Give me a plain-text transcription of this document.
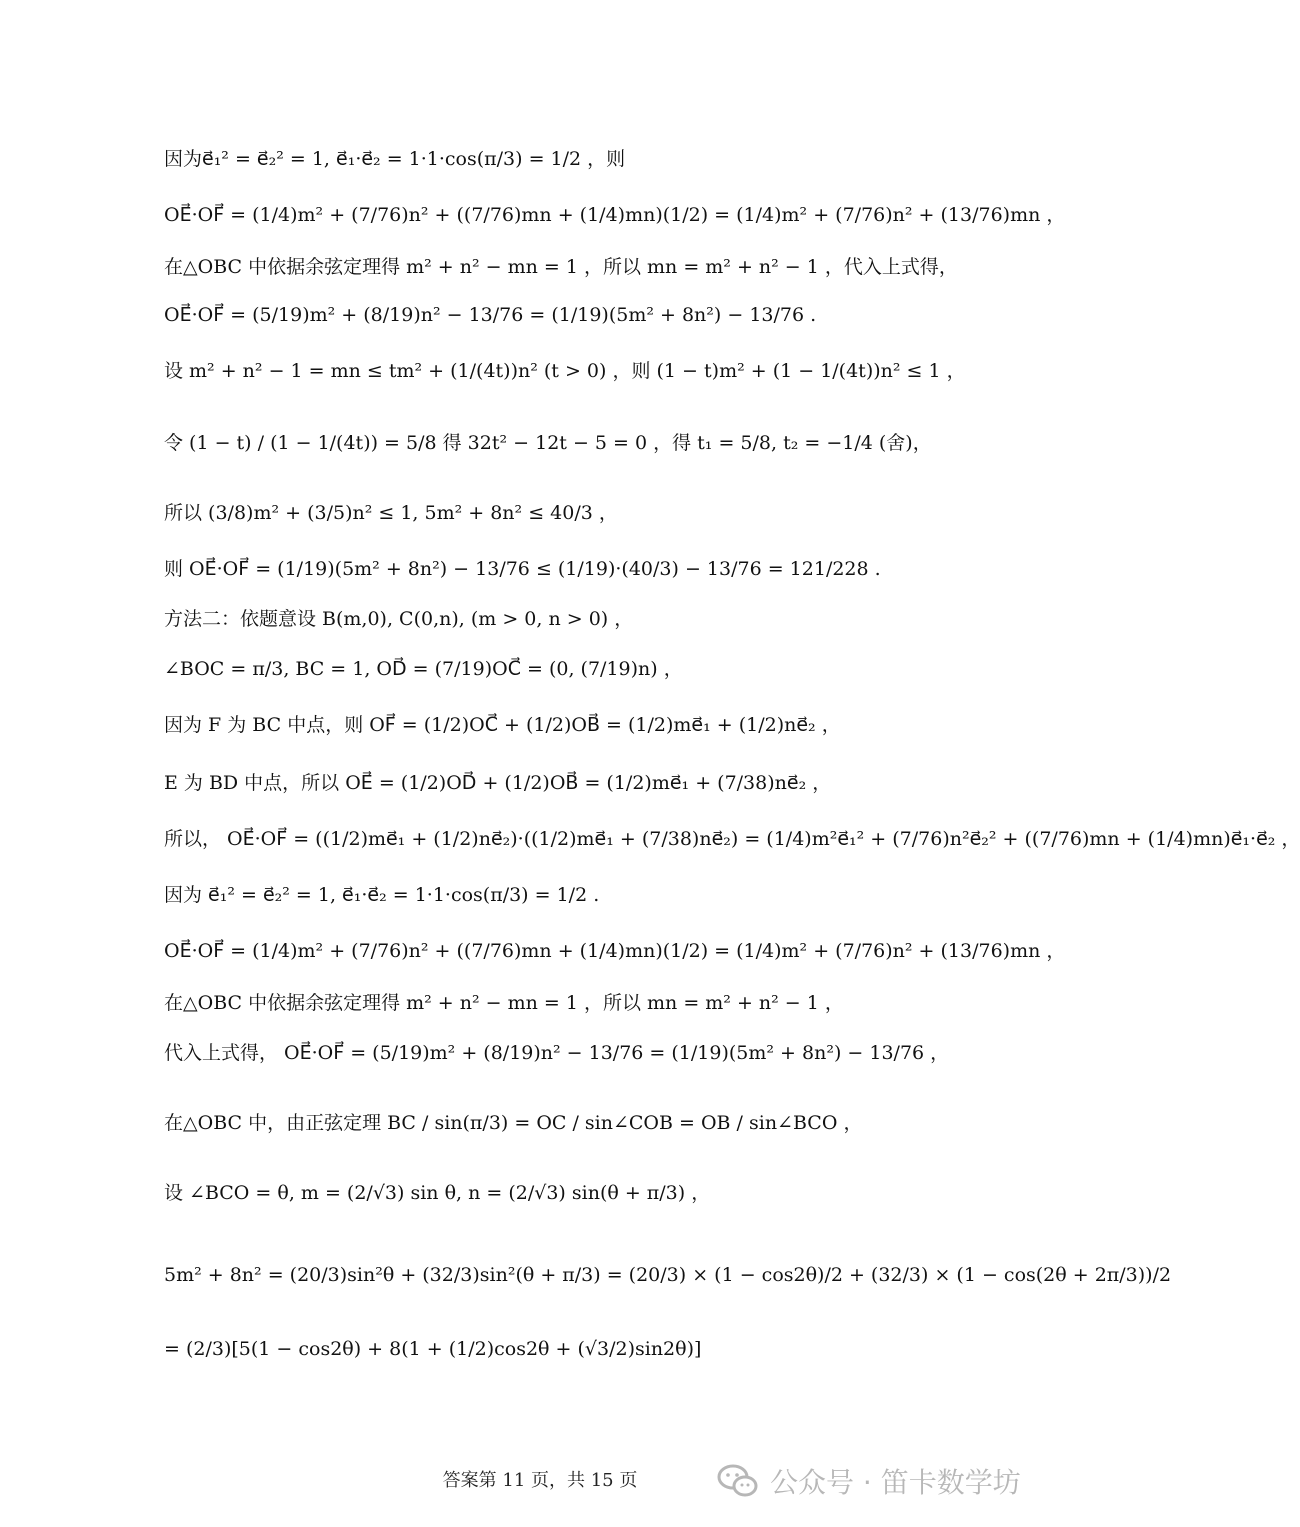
因为e⃗₁² = e⃗₂² = 1, e⃗₁·e⃗₂ = 1·1·cos(π/3) = 1/2 ，则
OE⃗·OF⃗ = (1/4)m² + (7/76)n² + ((7/76)mn + (1/4)mn)(1/2) = (1/4)m² + (7/76)n² + (13/76)mn ，
在△OBC 中依据余弦定理得 m² + n² − mn = 1 ，所以 mn = m² + n² − 1 ，代入上式得，
OE⃗·OF⃗ = (5/19)m² + (8/19)n² − 13/76 = (1/19)(5m² + 8n²) − 13/76 .
设 m² + n² − 1 = mn ≤ tm² + (1/(4t))n² (t > 0) ，则 (1 − t)m² + (1 − 1/(4t))n² ≤ 1 ，
令 (1 − t) / (1 − 1/(4t)) = 5/8 得 32t² − 12t − 5 = 0 ，得 t₁ = 5/8, t₂ = −1/4 (舍)，
所以 (3/8)m² + (3/5)n² ≤ 1, 5m² + 8n² ≤ 40/3 ，
则 OE⃗·OF⃗ = (1/19)(5m² + 8n²) − 13/76 ≤ (1/19)·(40/3) − 13/76 = 121/228 .
方法二：依题意设 B(m,0), C(0,n), (m > 0, n > 0) ，
∠BOC = π/3, BC = 1, OD⃗ = (7/19)OC⃗ = (0, (7/19)n) ，
因为 F 为 BC 中点，则 OF⃗ = (1/2)OC⃗ + (1/2)OB⃗ = (1/2)me⃗₁ + (1/2)ne⃗₂ ，
E 为 BD 中点，所以 OE⃗ = (1/2)OD⃗ + (1/2)OB⃗ = (1/2)me⃗₁ + (7/38)ne⃗₂ ，
所以， OE⃗·OF⃗ = ((1/2)me⃗₁ + (1/2)ne⃗₂)·((1/2)me⃗₁ + (7/38)ne⃗₂) = (1/4)m²e⃗₁² + (7/76)n²e⃗₂² + ((7/76)mn + (1/4)mn)e⃗₁·e⃗₂ ，
因为 e⃗₁² = e⃗₂² = 1, e⃗₁·e⃗₂ = 1·1·cos(π/3) = 1/2 .
OE⃗·OF⃗ = (1/4)m² + (7/76)n² + ((7/76)mn + (1/4)mn)(1/2) = (1/4)m² + (7/76)n² + (13/76)mn ，
在△OBC 中依据余弦定理得 m² + n² − mn = 1 ，所以 mn = m² + n² − 1 ，
代入上式得， OE⃗·OF⃗ = (5/19)m² + (8/19)n² − 13/76 = (1/19)(5m² + 8n²) − 13/76 ，
在△OBC 中，由正弦定理 BC / sin(π/3) = OC / sin∠COB = OB / sin∠BCO ，
设 ∠BCO = θ, m = (2/√3) sin θ, n = (2/√3) sin(θ + π/3) ，
5m² + 8n² = (20/3)sin²θ + (32/3)sin²(θ + π/3) = (20/3) × (1 − cos2θ)/2 + (32/3) × (1 − cos(2θ + 2π/3))/2
= (2/3)[5(1 − cos2θ) + 8(1 + (1/2)cos2θ + (√3/2)sin2θ)]
答案第 11 页，共 15 页	公众号 · 笛卡数学坊
